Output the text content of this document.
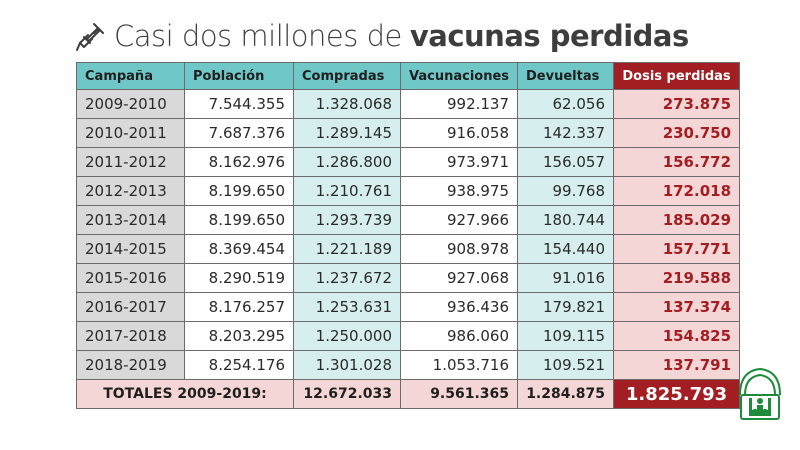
Casi dos millones de vacunas perdidas
Campaña	Población	Compradas	Vacunaciones	Devueltas	Dosis perdidas
2009-2010	7.544.355	1.328.068	992.137	62.056	273.875
2010-2011	7.687.376	1.289.145	916.058	142.337	230.750
2011-2012	8.162.976	1.286.800	973.971	156.057	156.772
2012-2013	8.199.650	1.210.761	938.975	99.768	172.018
2013-2014	8.199.650	1.293.739	927.966	180.744	185.029
2014-2015	8.369.454	1.221.189	908.978	154.440	157.771
2015-2016	8.290.519	1.237.672	927.068	91.016	219.588
2016-2017	8.176.257	1.253.631	936.436	179.821	137.374
2017-2018	8.203.295	1.250.000	986.060	109.115	154.825
2018-2019	8.254.176	1.301.028	1.053.716	109.521	137.791
TOTALES 2009-2019:		12.672.033	9.561.365	1.284.875	1.825.793
